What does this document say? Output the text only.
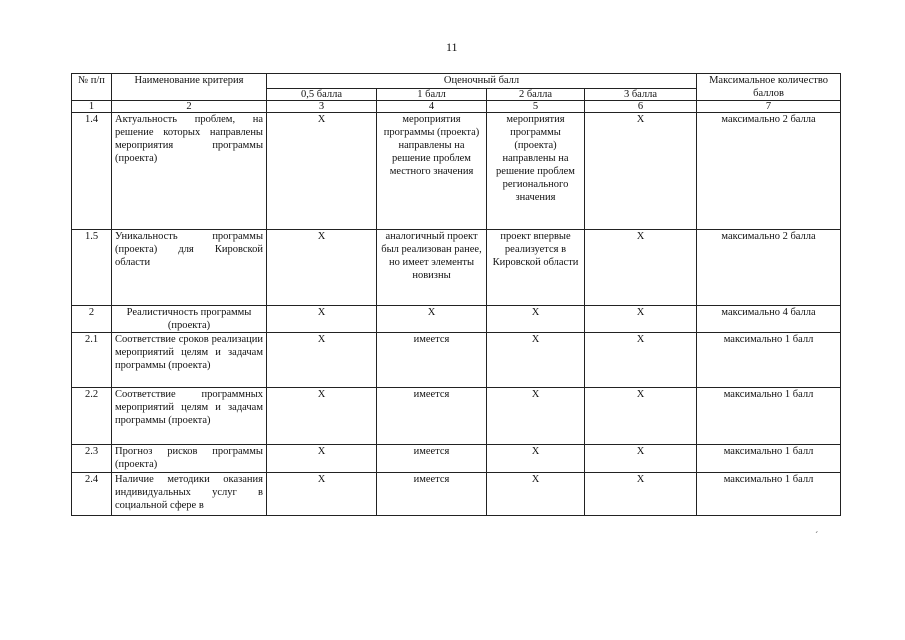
11
№ п/п	Наименование критерия	Оценочный балл				Максимальное количество баллов
		0,5 балла	1 балл	2 балла	3 балла	
1	2	3	4	5	6	7
1.4	Актуальность проблем, на решение которых направлены мероприятия программы (проекта)	Х	мероприятия программы (проекта) направлены на решение проблем местного значения	мероприятия программы (проекта) направлены на решение проблем регионального значения	Х	максимально 2 балла
1.5	Уникальность программы (проекта) для Кировской области	Х	аналогичный проект был реализован ранее, но имеет элементы новизны	проект впервые реализуется в Кировской области	Х	максимально 2 балла
2	Реалистичность программы (проекта)	Х	Х	Х	Х	максимально 4 балла
2.1	Соответствие сроков реализации мероприятий целям и задачам программы (проекта)	Х	имеется	Х	Х	максимально 1 балл
2.2	Соответствие программных мероприятий целям и задачам программы (проекта)	Х	имеется	Х	Х	максимально 1 балл
2.3	Прогноз рисков программы (проекта)	Х	имеется	Х	Х	максимально 1 балл
2.4	Наличие методики оказания индивидуальных услуг в социальной сфере в	Х	имеется	Х	Х	максимально 1 балл
´
